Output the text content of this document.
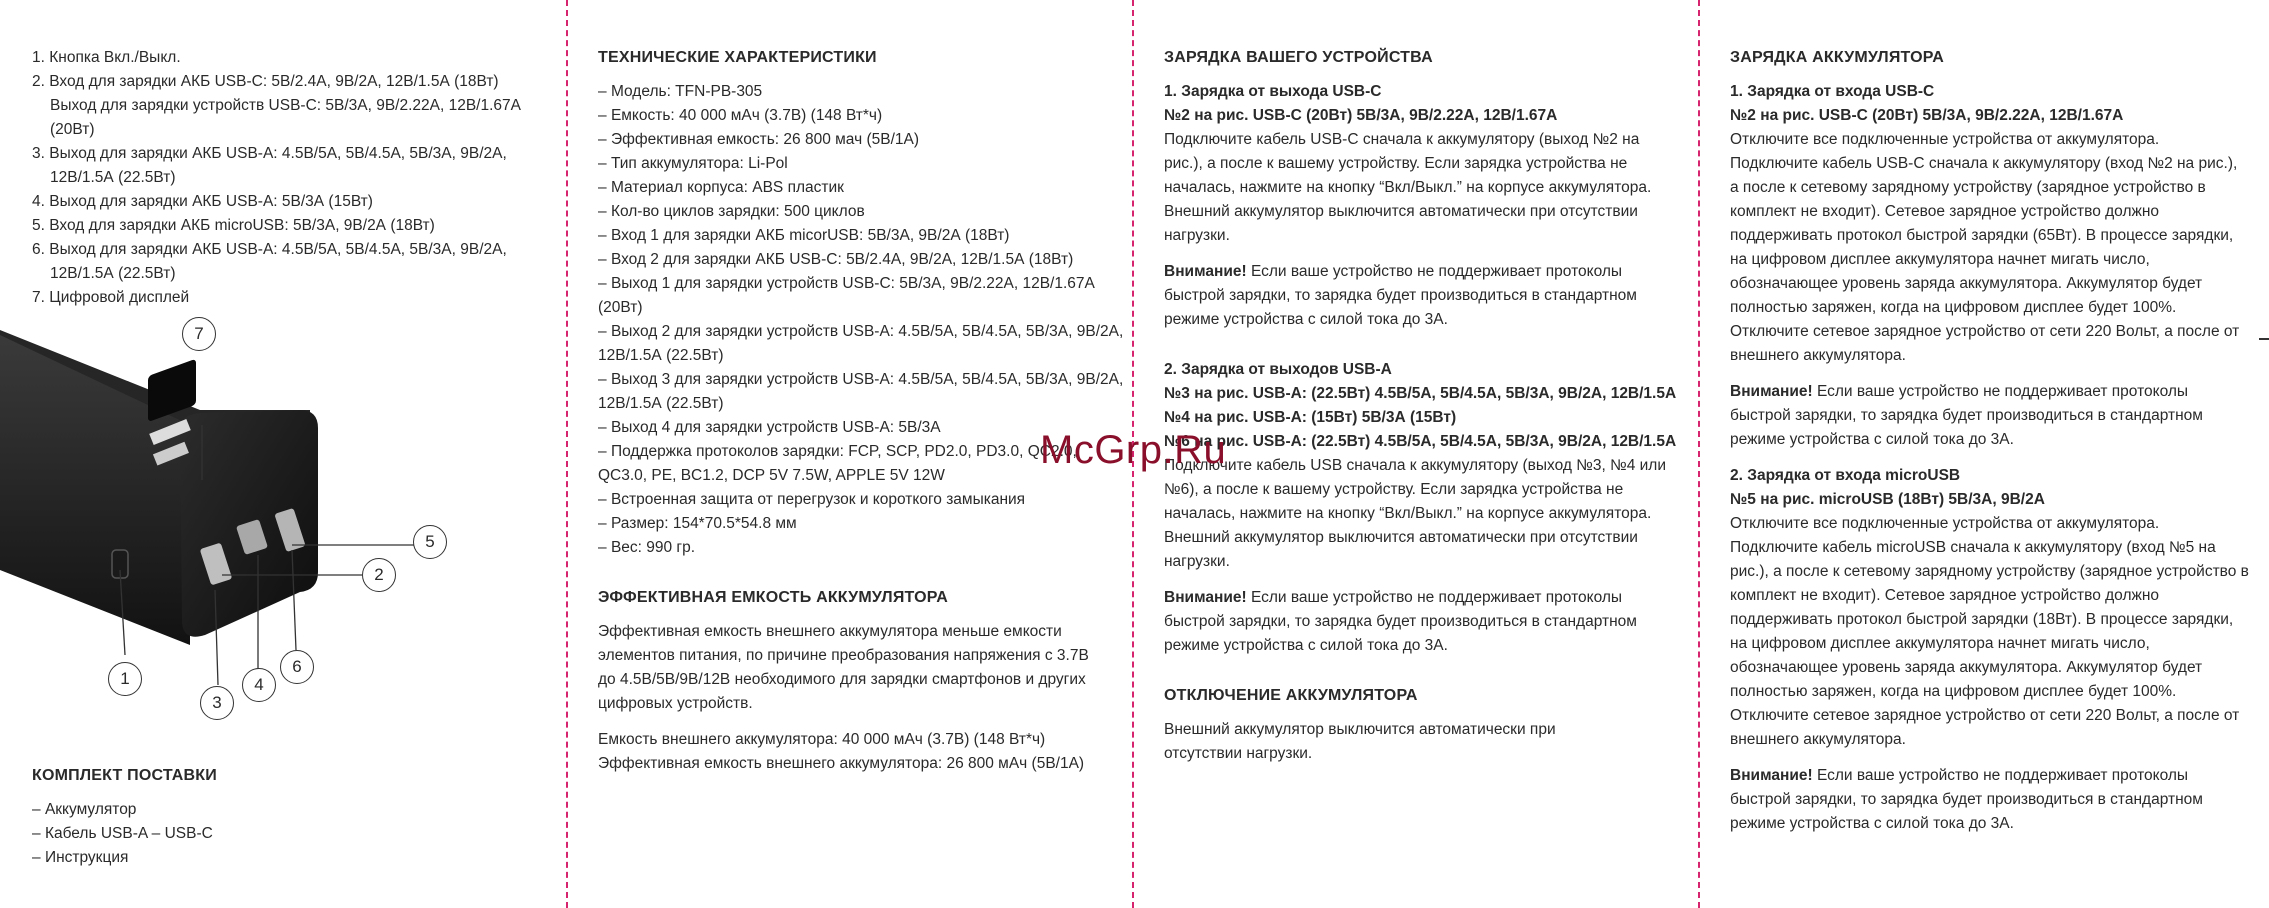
1. Кнопка Вкл./Выкл.

2. Вход для зарядки АКБ USB-C: 5В/2.4А, 9В/2А, 12В/1.5А (18Вт)

Выход для зарядки устройств USB-C: 5В/3А, 9В/2.22А, 12В/1.67А (20Вт)

3. Выход для зарядки АКБ USB-A: 4.5В/5А, 5В/4.5А, 5В/3А, 9В/2А,

12В/1.5А (22.5Вт)

4. Выход для зарядки АКБ USB-A: 5В/3А (15Вт)

5. Вход для зарядки АКБ microUSB: 5В/3А, 9В/2А (18Вт)

6. Выход для зарядки АКБ USB-A: 4.5В/5А, 5В/4.5А, 5В/3А, 9В/2А,

12В/1.5А (22.5Вт)

7. Цифровой дисплей

7
5
2
1
3
4
6

КОМПЛЕКТ ПОСТАВКИ

– Аккумулятор

– Кабель USB-A – USB-C

– Инструкция

ТЕХНИЧЕСКИЕ ХАРАКТЕРИСТИКИ

– Модель: TFN-PB-305

– Емкость: 40 000 мАч (3.7В) (148 Вт*ч)

– Эффективная емкость: 26 800 мач (5В/1А)

– Тип аккумулятора: Li-Pol

– Материал корпуса: ABS пластик

– Кол-во циклов зарядки: 500 циклов

– Вход 1 для зарядки АКБ micorUSB: 5В/3А, 9В/2А (18Вт)

– Вход 2 для зарядки АКБ USB-C: 5В/2.4А, 9В/2А, 12В/1.5А (18Вт)

– Выход 1 для зарядки устройств USB-C: 5В/3А, 9В/2.22А, 12В/1.67А (20Вт)

– Выход 2 для зарядки устройств USB-A: 4.5В/5А, 5В/4.5А, 5В/3А, 9В/2А, 12В/1.5А (22.5Вт)

– Выход 3 для зарядки устройств USB-A: 4.5В/5А, 5В/4.5А, 5В/3А, 9В/2А, 12В/1.5А (22.5Вт)

– Выход 4 для зарядки устройств USB-A: 5В/3А

– Поддержка протоколов зарядки: FCP, SCP, PD2.0, PD3.0, QC2.0, QC3.0, PE, BC1.2, DCP 5V 7.5W, APPLE 5V 12W

– Встроенная защита от перегрузок и короткого замыкания

– Размер: 154*70.5*54.8 мм

– Вес: 990 гр.

ЭФФЕКТИВНАЯ ЕМКОСТЬ АККУМУЛЯТОРА

Эффективная емкость внешнего аккумулятора меньше емкости элементов питания, по причине преобразования напряжения с 3.7В до 4.5В/5В/9В/12В необходимого для зарядки смартфонов и других цифровых устройств.

Емкость внешнего аккумулятора: 40 000 мАч (3.7В) (148 Вт*ч)

Эффективная емкость внешнего аккумулятора: 26 800 мАч (5В/1А)

ЗАРЯДКА ВАШЕГО УСТРОЙСТВА

1. Зарядка от выхода USB-C

№2 на рис. USB-C (20Вт) 5В/3А, 9В/2.22А, 12В/1.67А

Подключите кабель USB-C сначала к аккумулятору (выход №2 на рис.), а после к вашему устройству. Если зарядка устройства не началась, нажмите на кнопку “Вкл/Выкл.” на корпусе аккумулятора. Внешний аккумулятор выключится автоматически при отсутствии нагрузки.

Внимание! Если ваше устройство не поддерживает протоколы быстрой зарядки, то зарядка будет производиться в стандартном режиме устройства с силой тока до 3А.

2. Зарядка от выходов USB-A

№3 на рис. USB-A: (22.5Вт) 4.5В/5А, 5В/4.5А, 5В/3А, 9В/2А, 12В/1.5А

№4 на рис. USB-A: (15Вт) 5В/3А (15Вт)

№6 на рис. USB-A: (22.5Вт) 4.5В/5А, 5В/4.5А, 5В/3А, 9В/2А, 12В/1.5А

Подключите кабель USB сначала к аккумулятору (выход №3, №4 или №6), а после к вашему устройству. Если зарядка устройства не началась, нажмите на кнопку “Вкл/Выкл.” на корпусе аккумулятора. Внешний аккумулятор выключится автоматически при отсутствии нагрузки.

Внимание! Если ваше устройство не поддерживает протоколы быстрой зарядки, то зарядка будет производиться в стандартном режиме устройства с силой тока до 3А.

ОТКЛЮЧЕНИЕ АККУМУЛЯТОРА

Внешний аккумулятор выключится автоматически при отсутствии нагрузки.

ЗАРЯДКА АККУМУЛЯТОРА

1. Зарядка от входа USB-C

№2 на рис. USB-C (20Вт) 5В/3А, 9В/2.22А, 12В/1.67А

Отключите все подключенные устройства от аккумулятора. Подключите кабель USB-C сначала к аккумулятору (вход №2 на рис.), а после к сетевому зарядному устройству (зарядное устройство в комплект не входит). Сетевое зарядное устройство должно поддерживать протокол быстрой зарядки (65Вт). В процессе зарядки, на цифровом дисплее аккумулятора начнет мигать число, обозначающее уровень заряда аккумулятора. Аккумулятор будет полностью заряжен, когда на цифровом дисплее будет 100%. Отключите сетевое зарядное устройство от сети 220 Вольт, а после от внешнего аккумулятора.

Внимание! Если ваше устройство не поддерживает протоколы быстрой зарядки, то зарядка будет производиться в стандартном режиме устройства с силой тока до 3А.

2. Зарядка от входа microUSB

№5 на рис. microUSB (18Вт) 5В/3А, 9В/2А

Отключите все подключенные устройства от аккумулятора. Подключите кабель microUSB сначала к аккумулятору (вход №5 на рис.), а после к сетевому зарядному устройству (зарядное устройство в комплект не входит). Сетевое зарядное устройство должно поддерживать протокол быстрой зарядки (18Вт). В процессе зарядки, на цифровом дисплее аккумулятора начнет мигать число, обозначающее уровень заряда аккумулятора. Аккумулятор будет полностью заряжен, когда на цифровом дисплее будет 100%. Отключите сетевое зарядное устройство от сети 220 Вольт, а после от внешнего аккумулятора.

Внимание! Если ваше устройство не поддерживает протоколы быстрой зарядки, то зарядка будет производиться в стандартном режиме устройства с силой тока до 3А.

McGrp.Ru
